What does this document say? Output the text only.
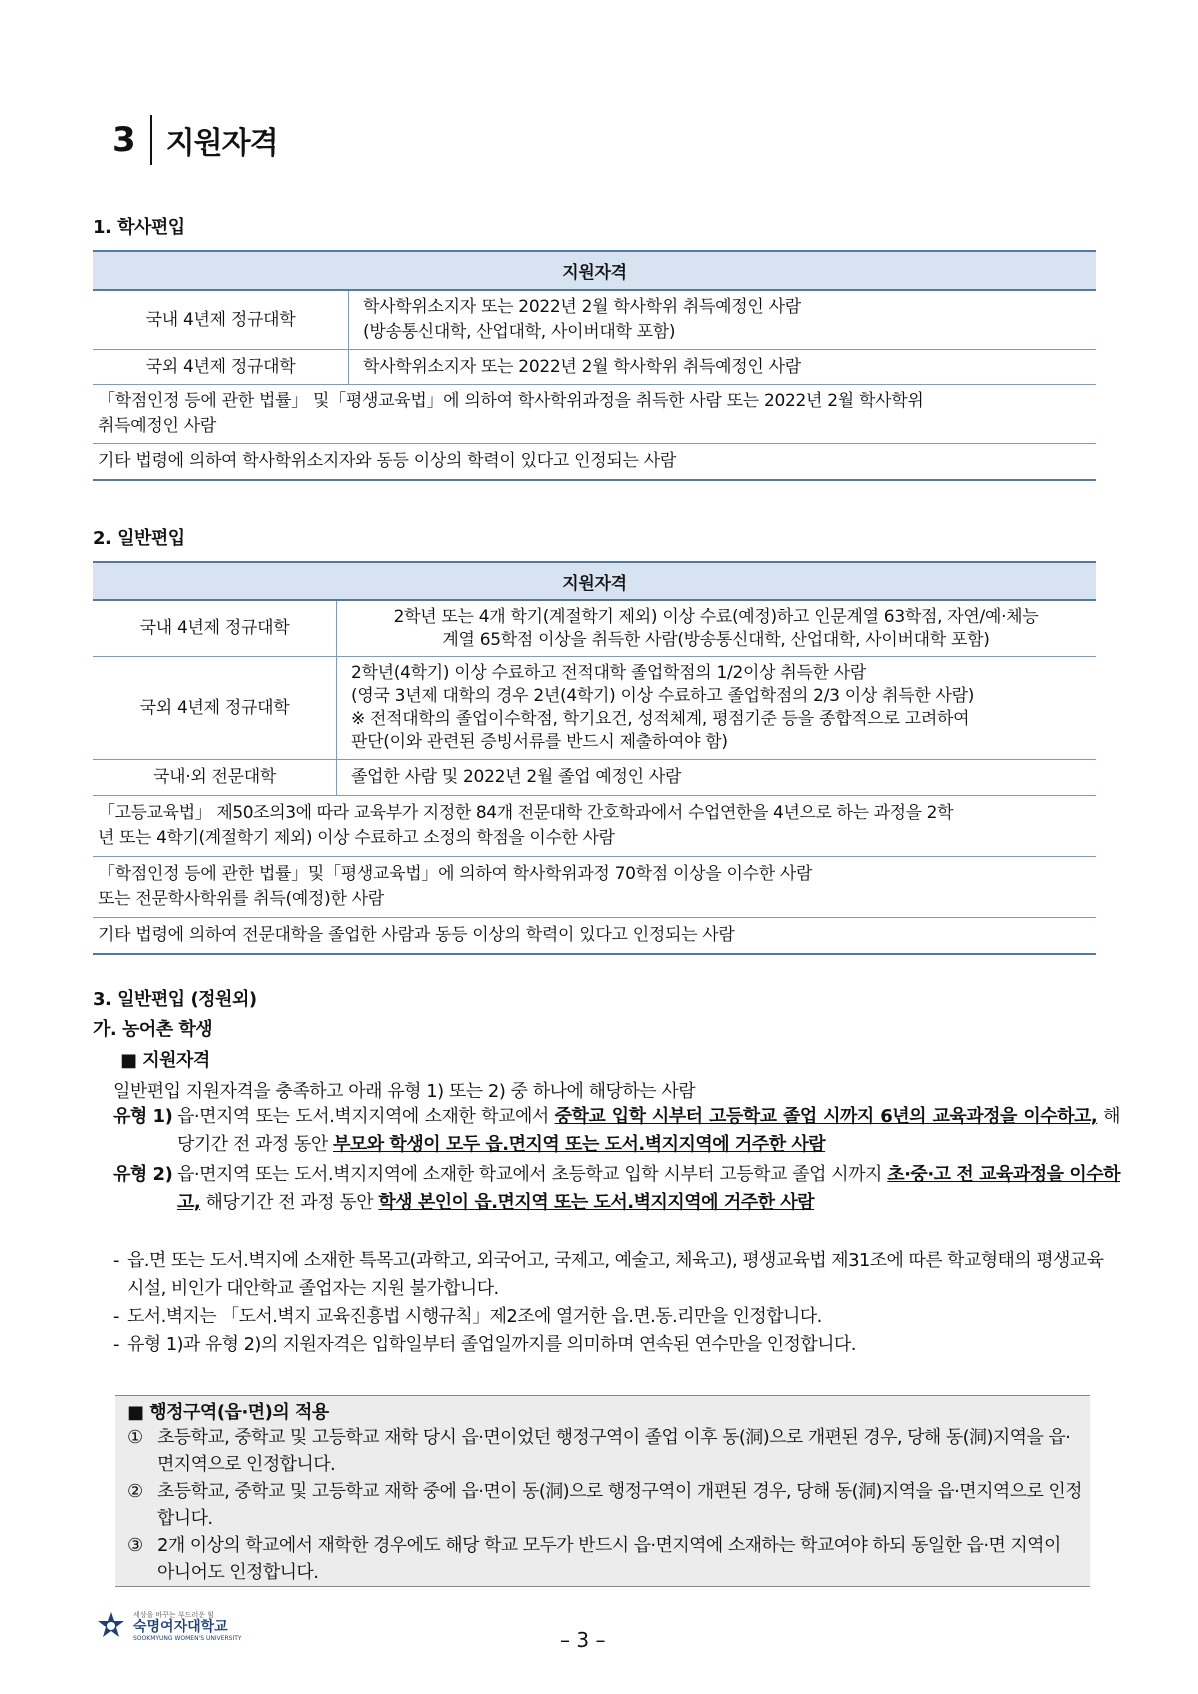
3	지원자격
1. 학사편입
지원자격	
국내 4년제 정규대학	학사학위소지자 또는 2022년 2월 학사학위 취득예정인 사람
(방송통신대학, 산업대학, 사이버대학 포함)

국외 4년제 정규대학	학사학위소지자 또는 2022년 2월 학사학위 취득예정인 사람

「학점인정 등에 관한 법률」 및「평생교육법」에 의하여 학사학위과정을 취득한 사람 또는 2022년 2월 학사학위
취득예정인 사람	

기타 법령에 의하여 학사학위소지자와 동등 이상의 학력이 있다고 인정되는 사람	
2. 일반편입
지원자격	
국내 4년제 정규대학	2학년 또는 4개 학기(계절학기 제외) 이상 수료(예정)하고 인문계열 63학점, 자연/예·체능
계열 65학점 이상을 취득한 사람(방송통신대학, 산업대학, 사이버대학 포함)

국외 4년제 정규대학	2학년(4학기) 이상 수료하고 전적대학 졸업학점의 1/2이상 취득한 사람
(영국 3년제 대학의 경우 2년(4학기) 이상 수료하고 졸업학점의 2/3 이상 취득한 사람)
※ 전적대학의 졸업이수학점, 학기요건, 성적체계, 평점기준 등을 종합적으로 고려하여
판단(이와 관련된 증빙서류를 반드시 제출하여야 함)

국내·외 전문대학	졸업한 사람 및 2022년 2월 졸업 예정인 사람

「고등교육법」 제50조의3에 따라 교육부가 지정한 84개 전문대학 간호학과에서 수업연한을 4년으로 하는 과정을 2학
년 또는 4학기(계절학기 제외) 이상 수료하고 소정의 학점을 이수한 사람	

「학점인정 등에 관한 법률」및「평생교육법」에 의하여 학사학위과정 70학점 이상을 이수한 사람
또는 전문학사학위를 취득(예정)한 사람	

기타 법령에 의하여 전문대학을 졸업한 사람과 동등 이상의 학력이 있다고 인정되는 사람	
3. 일반편입 (정원외)
가. 농어촌 학생
■ 지원자격
일반편입 지원자격을 충족하고 아래 유형 1) 또는 2) 중 하나에 해당하는 사람
유형 1) 읍·면지역 또는 도서.벽지지역에 소재한 학교에서 중학교 입학 시부터 고등학교 졸업 시까지 6년의 교육과정을 이수하고, 해당기간 전 과정 동안 부모와 학생이 모두 읍.면지역 또는 도서.벽지지역에 거주한 사람
유형 2) 읍·면지역 또는 도서.벽지지역에 소재한 학교에서 초등학교 입학 시부터 고등학교 졸업 시까지 초·중·고 전 교육과정을 이수하고, 해당기간 전 과정 동안 학생 본인이 읍.면지역 또는 도서.벽지지역에 거주한 사람
- 읍.면 또는 도서.벽지에 소재한 특목고(과학고, 외국어고, 국제고, 예술고, 체육고), 평생교육법 제31조에 따른 학교형태의 평생교육시설, 비인가 대안학교 졸업자는 지원 불가합니다.
- 도서.벽지는 「도서.벽지 교육진흥법 시행규칙」제2조에 열거한 읍.면.동.리만을 인정합니다.
- 유형 1)과 유형 2)의 지원자격은 입학일부터 졸업일까지를 의미하며 연속된 연수만을 인정합니다.
■ 행정구역(읍·면)의 적용
① 초등학교, 중학교 및 고등학교 재학 당시 읍·면이었던 행정구역이 졸업 이후 동(洞)으로 개편된 경우, 당해 동(洞)지역을 읍·면지역으로 인정합니다.
② 초등학교, 중학교 및 고등학교 재학 중에 읍·면이 동(洞)으로 행정구역이 개편된 경우, 당해 동(洞)지역을 읍·면지역으로 인정합니다.
③ 2개 이상의 학교에서 재학한 경우에도 해당 학교 모두가 반드시 읍·면지역에 소재하는 학교여야 하되 동일한 읍·면 지역이 아니어도 인정합니다.
세상을 바꾸는 부드러운 힘
숙명여자대학교
SOOKMYUNG WOMEN'S UNIVERSITY	– 3 –
